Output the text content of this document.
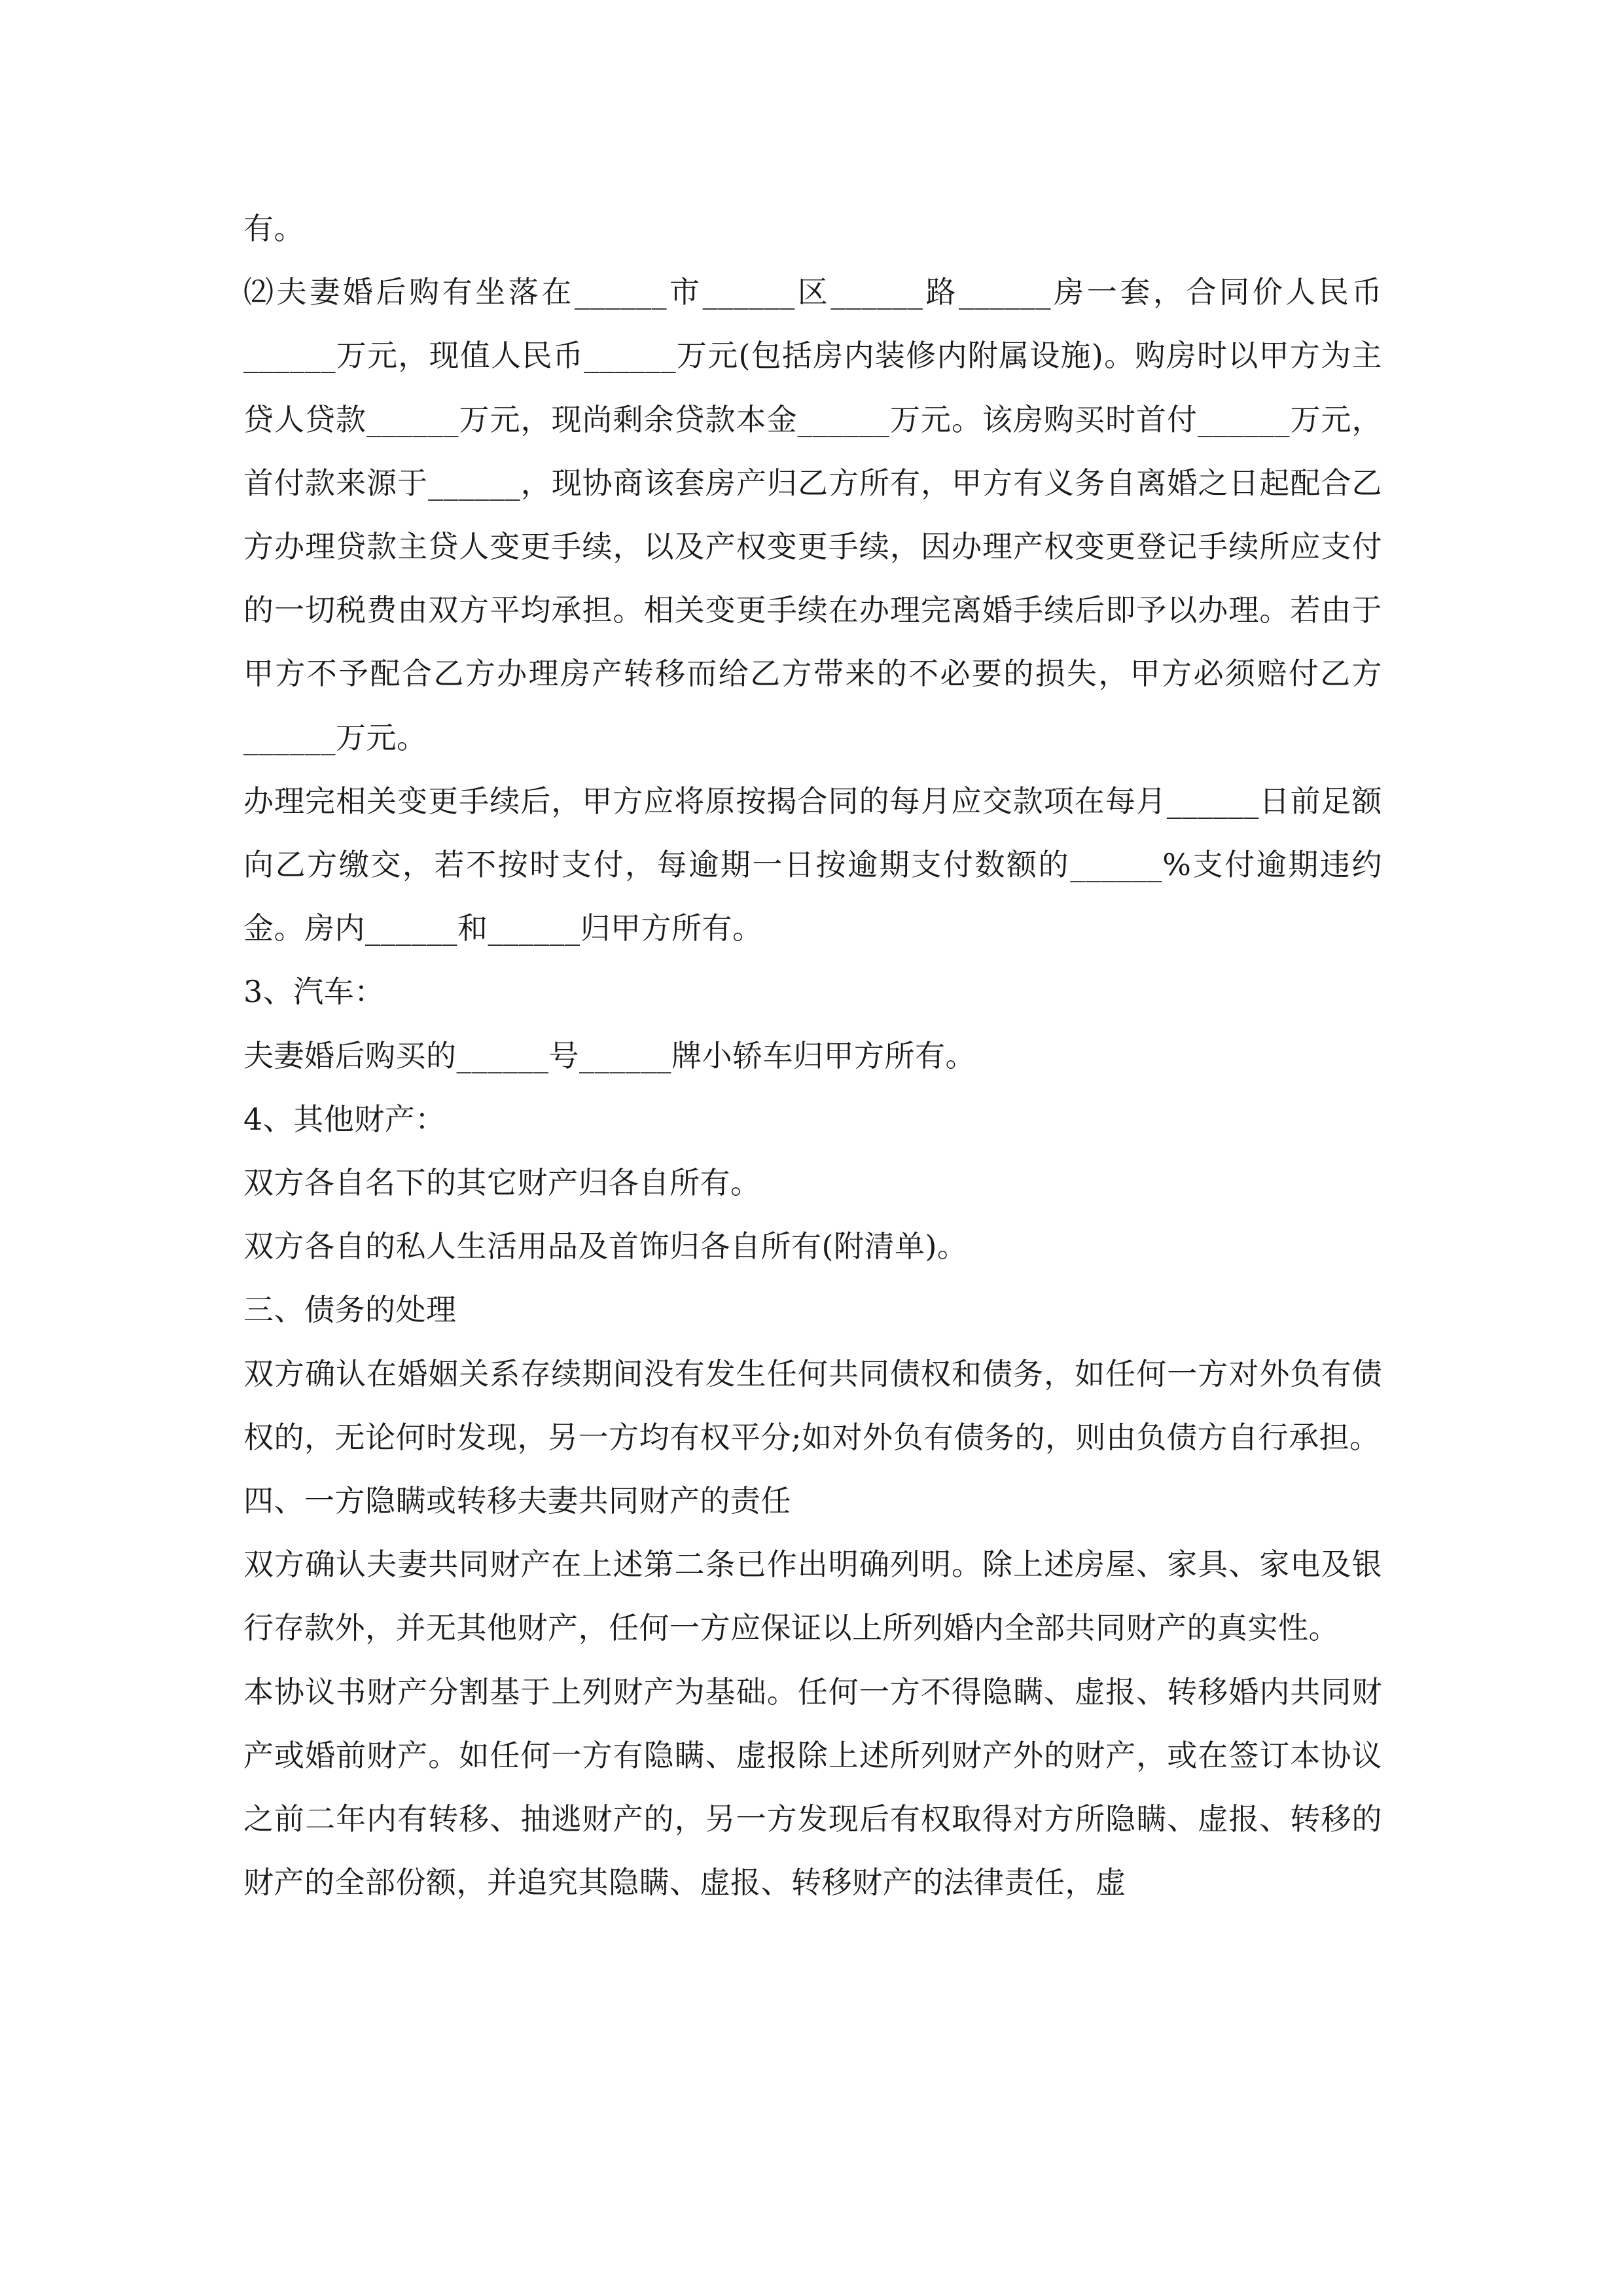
有。

⑵夫妻婚后购有坐落在______市______区______路______房一套，合同价人民币______万元，现值人民币______万元(包括房内装修内附属设施)。购房时以甲方为主贷人贷款______万元，现尚剩余贷款本金______万元。该房购买时首付______万元，首付款来源于______，现协商该套房产归乙方所有，甲方有义务自离婚之日起配合乙方办理贷款主贷人变更手续，以及产权变更手续，因办理产权变更登记手续所应支付的一切税费由双方平均承担。相关变更手续在办理完离婚手续后即予以办理。若由于甲方不予配合乙方办理房产转移而给乙方带来的不必要的损失，甲方必须赔付乙方______万元。

办理完相关变更手续后，甲方应将原按揭合同的每月应交款项在每月______日前足额向乙方缴交，若不按时支付，每逾期一日按逾期支付数额的______%支付逾期违约金。房内______和______归甲方所有。

3、汽车：

夫妻婚后购买的______号______牌小轿车归甲方所有。

4、其他财产：

双方各自名下的其它财产归各自所有。

双方各自的私人生活用品及首饰归各自所有(附清单)。

三、债务的处理

双方确认在婚姻关系存续期间没有发生任何共同债权和债务，如任何一方对外负有债权的，无论何时发现，另一方均有权平分;如对外负有债务的，则由负债方自行承担。

四、一方隐瞒或转移夫妻共同财产的责任

双方确认夫妻共同财产在上述第二条已作出明确列明。除上述房屋、家具、家电及银行存款外，并无其他财产，任何一方应保证以上所列婚内全部共同财产的真实性。

本协议书财产分割基于上列财产为基础。任何一方不得隐瞒、虚报、转移婚内共同财产或婚前财产。如任何一方有隐瞒、虚报除上述所列财产外的财产，或在签订本协议之前二年内有转移、抽逃财产的，另一方发现后有权取得对方所隐瞒、虚报、转移的财产的全部份额，并追究其隐瞒、虚报、转移财产的法律责任，虚
